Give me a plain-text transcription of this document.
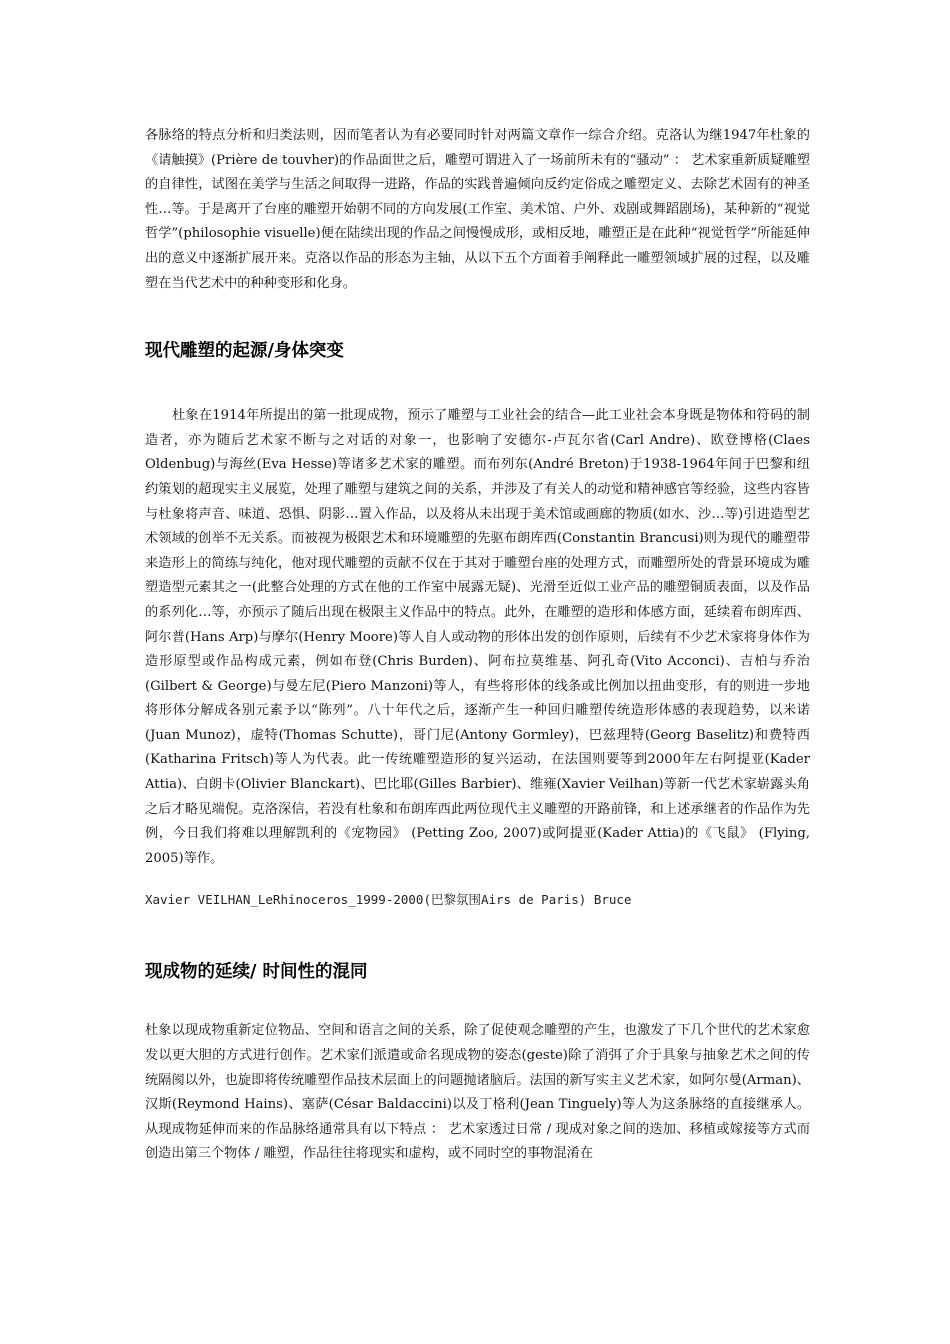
各脉络的特点分析和归类法则，因而笔者认为有必要同时针对两篇文章作一综合介绍。克洛认为继1947年杜象的《请触摸》(Prière de touvher)的作品面世之后，雕塑可谓进入了一场前所未有的“骚动” ： 艺术家重新质疑雕塑的自律性，试图在美学与生活之间取得一进路，作品的实践普遍倾向反约定俗成之雕塑定义、去除艺术固有的神圣性…等。于是离开了台座的雕塑开始朝不同的方向发展(工作室、美术馆、户外、戏剧或舞蹈剧场)，某种新的“视觉哲学”(philosophie visuelle)便在陆续出现的作品之间慢慢成形，或相反地，雕塑正是在此种“视觉哲学”所能延伸出的意义中逐渐扩展开来。克洛以作品的形态为主轴，从以下五个方面着手阐释此一雕塑领域扩展的过程，以及雕塑在当代艺术中的种种变形和化身。

现代雕塑的起源/身体突变

杜象在1914年所提出的第一批现成物，预示了雕塑与工业社会的结合—此工业社会本身既是物体和符码的制造者，亦为随后艺术家不断与之对话的对象一，也影响了安德尔-卢瓦尔省(Carl Andre)、欧登博格(Claes Oldenbug)与海丝(Eva Hesse)等诸多艺术家的雕塑。而布列东(André Breton)于1938-1964年间于巴黎和纽约策划的超现实主义展览，处理了雕塑与建筑之间的关系，并涉及了有关人的动觉和精神感官等经验，这些内容皆与杜象将声音、味道、恐惧、阴影…置入作品，以及将从未出现于美术馆或画廊的物质(如水、沙…等)引进造型艺术领域的创举不无关系。而被视为极限艺术和环境雕塑的先驱布朗库西(Constantin Brancusi)则为现代的雕塑带来造形上的简练与纯化，他对现代雕塑的贡献不仅在于其对于雕塑台座的处理方式，而雕塑所处的背景环境成为雕塑造型元素其之一(此整合处理的方式在他的工作室中展露无疑)、光滑至近似工业产品的雕塑铜质表面，以及作品的系列化…等，亦预示了随后出现在极限主义作品中的特点。此外，在雕塑的造形和体感方面，延续着布朗库西、阿尔普(Hans Arp)与摩尔(Henry Moore)等人自人或动物的形体出发的创作原则，后续有不少艺术家将身体作为造形原型或作品构成元素，例如布登(Chris Burden)、阿布拉莫维基、阿孔奇(Vito Acconci)、吉柏与乔治(Gilbert & George)与曼左尼(Piero Manzoni)等人，有些将形体的线条或比例加以扭曲变形，有的则进一步地将形体分解成各别元素予以“陈列”。八十年代之后，逐渐产生一种回归雕塑传统造形体感的表现趋势，以米诺(Juan Munoz)，虚特(Thomas Schutte)，哥门尼(Antony Gormley)，巴兹理特(Georg Baselitz)和费特西(Katharina Fritsch)等人为代表。此一传统雕塑造形的复兴运动，在法国则要等到2000年左右阿提亚(Kader Attia)、白朗卡(Olivier Blanckart)、巴比耶(Gilles Barbier)、维雍(Xavier Veilhan)等新一代艺术家崭露头角之后才略见端倪。克洛深信，若没有杜象和布朗库西此两位现代主义雕塑的开路前锋，和上述承继者的作品作为先例，今日我们将难以理解凯利的《宠物园》 (Petting Zoo, 2007)或阿提亚(Kader Attia)的《飞鼠》 (Flying, 2005)等作。

Xavier VEILHAN_LeRhinoceros_1999-2000(巴黎氛围Airs de Paris) Bruce

现成物的延续/ 时间性的混同

杜象以现成物重新定位物品、空间和语言之间的关系，除了促使观念雕塑的产生，也激发了下几个世代的艺术家愈发以更大胆的方式进行创作。艺术家们派遣或命名现成物的姿态(geste)除了消弭了介于具象与抽象艺术之间的传统隔阂以外，也旋即将传统雕塑作品技术层面上的问题抛诸脑后。法国的新写实主义艺术家，如阿尔曼(Arman)、汉斯(Reymond Hains)、塞萨(César Baldaccini)以及丁格利(Jean Tinguely)等人为这条脉络的直接继承人。从现成物延伸而来的作品脉络通常具有以下特点 ： 艺术家透过日常 / 现成对象之间的迭加、移植或嫁接等方式而创造出第三个物体 / 雕塑，作品往往将现实和虚构，或不同时空的事物混淆在
